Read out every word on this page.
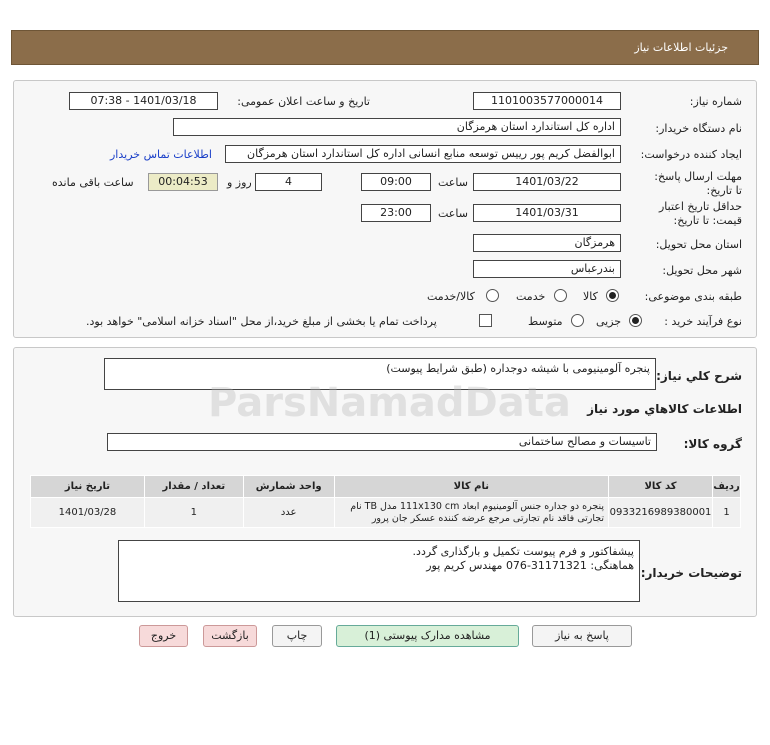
جزئیات اطلاعات نیاز
شماره نیاز:
1101003577000014
تاریخ و ساعت اعلان عمومی:
1401/03/18 - 07:38
نام دستگاه خریدار:
اداره کل استاندارد استان هرمزگان
ایجاد کننده درخواست:
ابوالفضل کریم پور رییس توسعه منابع انسانی اداره کل استاندارد استان هرمزگان
اطلاعات تماس خریدار
مهلت ارسال پاسخ: تا تاریخ:
1401/03/22
ساعت
09:00
4
روز و
00:04:53
ساعت باقی مانده
حداقل تاریخ اعتبار قیمت: تا تاریخ:
1401/03/31
ساعت
23:00
استان محل تحویل:
هرمزگان
شهر محل تحویل:
بندرعباس
طبقه بندی موضوعی:
کالا
خدمت
کالا/خدمت
نوع فرآیند خرید :
جزیی
متوسط
پرداخت تمام یا بخشی از مبلغ خرید،از محل "اسناد خزانه اسلامی" خواهد بود.
شرح کلي نياز:
پنجره آلومینیومی با شیشه دوجداره (طبق شرایط پیوست)
اطلاعات کالاهاي مورد نياز
گروه کالا:
تاسیسات و مصالح ساختمانی
ردیف	کد کالا	نام کالا	واحد شمارش	تعداد / مقدار	تاریخ نیاز
1	0933216989380001	پنجره دو جداره جنس آلومینیوم ابعاد 111x130 cm مدل TB نام تجارتی فاقد نام تجارتی مرجع عرضه کننده عسکر جان پرور	عدد	1	1401/03/28
توضیحات خریدار:
پیشفاکتور و فرم پیوست تکمیل و بارگذاری گردد.
هماهنگی: 31171321-076 مهندس کریم پور
پاسخ به نیاز
مشاهده مدارک پیوستی (1)
چاپ
بازگشت
خروج
ParsNamadData
